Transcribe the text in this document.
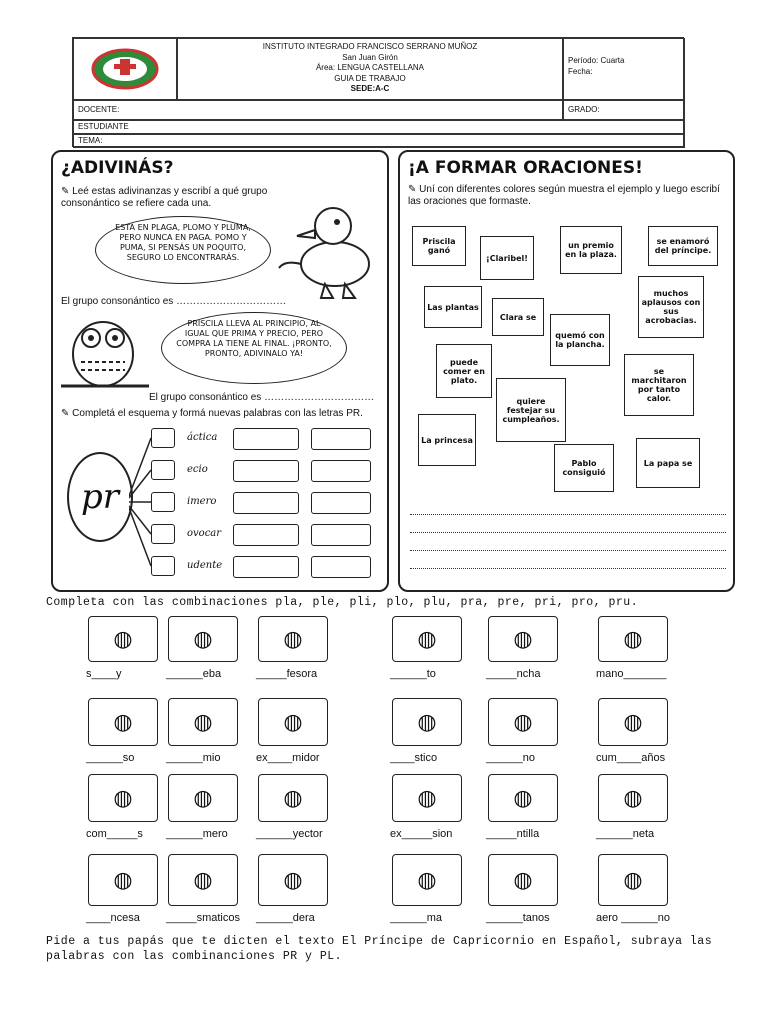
INSTITUTO INTEGRADO FRANCISCO SERRANO MUÑOZ
San Juan Girón
Área: LENGUA CASTELLANA
GUIA DE TRABAJO
SEDE:A-C
Período: Cuarta
Fecha:
DOCENTE:	GRADO:
ESTUDIANTE
TEMA:
¿ADIVINÁS?
✎ Leé estas adivinanzas y escribí a qué grupo consonántico se refiere cada una.
ESTÁ EN PLAGA, PLOMO Y PLUMA, PERO NUNCA EN PAGA. POMO Y PUMA, SI PENSÁS UN POQUITO, SEGURO LO ENCONTRARÁS.
El grupo consonántico es ……………………………
PRISCILA LLEVA AL PRINCIPIO, AL IGUAL QUE PRIMA Y PRECIO, PERO COMPRA LA TIENE AL FINAL. ¡PRONTO, PRONTO, ADIVINALO YA!
El grupo consonántico es ……………………………
✎ Completá el esquema y formá nuevas palabras con las letras PR.
pr
áctica
ecio
imero
ovocar
udente
¡A FORMAR ORACIONES!
✎ Uní con diferentes colores según muestra el ejemplo y luego escribí las oraciones que formaste.
Priscila ganó
¡Claribel!
un premio en la plaza.
se enamoró del príncipe.
Las plantas
Clara se
muchos aplausos con sus acrobacias.
puede comer en plato.
quemó con la plancha.
se marchitaron por tanto calor.
quiere festejar su cumpleaños.
La princesa
Pablo consiguió
La papa se
Completa con las combinaciones pla, ple, pli, plo, plu, pra, pre, pri, pro, pru.
◍
s____y
◍
______eba
◍
_____fesora
◍
______to
◍
_____ncha
◍
mano_______
◍
______so
◍
______mio
◍
ex____midor
◍
____stico
◍
______no
◍
cum____años
◍
com_____s
◍
______mero
◍
______yector
◍
ex_____sion
◍
_____ntilla
◍
______neta
◍
____ncesa
◍
_____smaticos
◍
______dera
◍
______ma
◍
______tanos
◍
aero ______no
Pide a tus papás que te dicten el texto El Príncipe de Capricornio en Español, subraya las palabras con las combinanciones PR y PL.
